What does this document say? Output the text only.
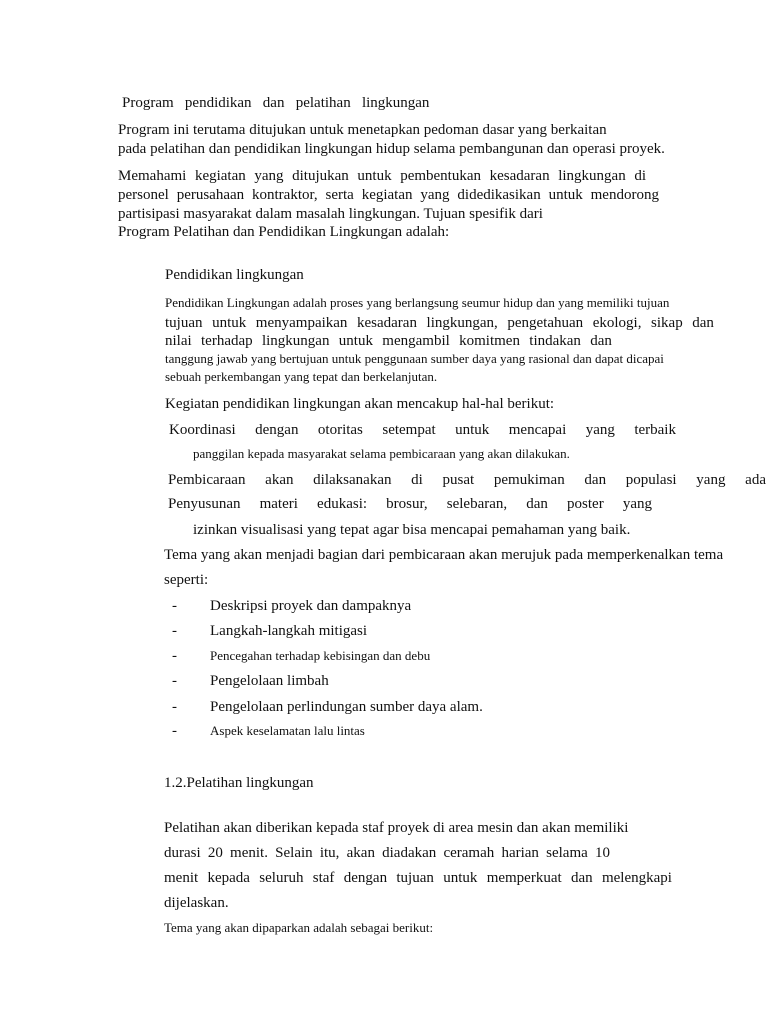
Program   pendidikan   dan   pelatihan   lingkungan
Program ini terutama ditujukan untuk menetapkan pedoman dasar yang berkaitan
pada pelatihan dan pendidikan lingkungan hidup selama pembangunan dan operasi proyek.
Memahami kegiatan yang ditujukan untuk pembentukan kesadaran lingkungan di
personel perusahaan kontraktor, serta kegiatan yang didedikasikan untuk mendorong
partisipasi masyarakat dalam masalah lingkungan. Tujuan spesifik dari
Program Pelatihan dan Pendidikan Lingkungan adalah:
Pendidikan lingkungan
Pendidikan Lingkungan adalah proses yang berlangsung seumur hidup dan yang memiliki tujuan
tujuan untuk menyampaikan kesadaran lingkungan, pengetahuan ekologi, sikap dan
nilai terhadap lingkungan untuk mengambil komitmen tindakan dan
tanggung jawab yang bertujuan untuk penggunaan sumber daya yang rasional dan dapat dicapai
sebuah perkembangan yang tepat dan berkelanjutan.
Kegiatan pendidikan lingkungan akan mencakup hal-hal berikut:
Koordinasi dengan otoritas setempat untuk mencapai yang terbaik
panggilan kepada masyarakat selama pembicaraan yang akan dilakukan.
Pembicaraan akan dilaksanakan di pusat pemukiman dan populasi yang ada
Penyusunan materi edukasi: brosur, selebaran, dan poster yang
izinkan visualisasi yang tepat agar bisa mencapai pemahaman yang baik.
Tema yang akan menjadi bagian dari pembicaraan akan merujuk pada memperkenalkan tema
seperti:
- Deskripsi proyek dan dampaknya
- Langkah-langkah mitigasi
-	Pencegahan terhadap kebisingan dan debu
- Pengelolaan limbah
- Pengelolaan perlindungan sumber daya alam.
-	Aspek keselamatan lalu lintas
1.2.Pelatihan lingkungan
Pelatihan akan diberikan kepada staf proyek di area mesin dan akan memiliki
durasi 20 menit. Selain itu, akan diadakan ceramah harian selama 10
menit kepada seluruh staf dengan tujuan untuk memperkuat dan melengkapi
dijelaskan.
Tema yang akan dipaparkan adalah sebagai berikut:
